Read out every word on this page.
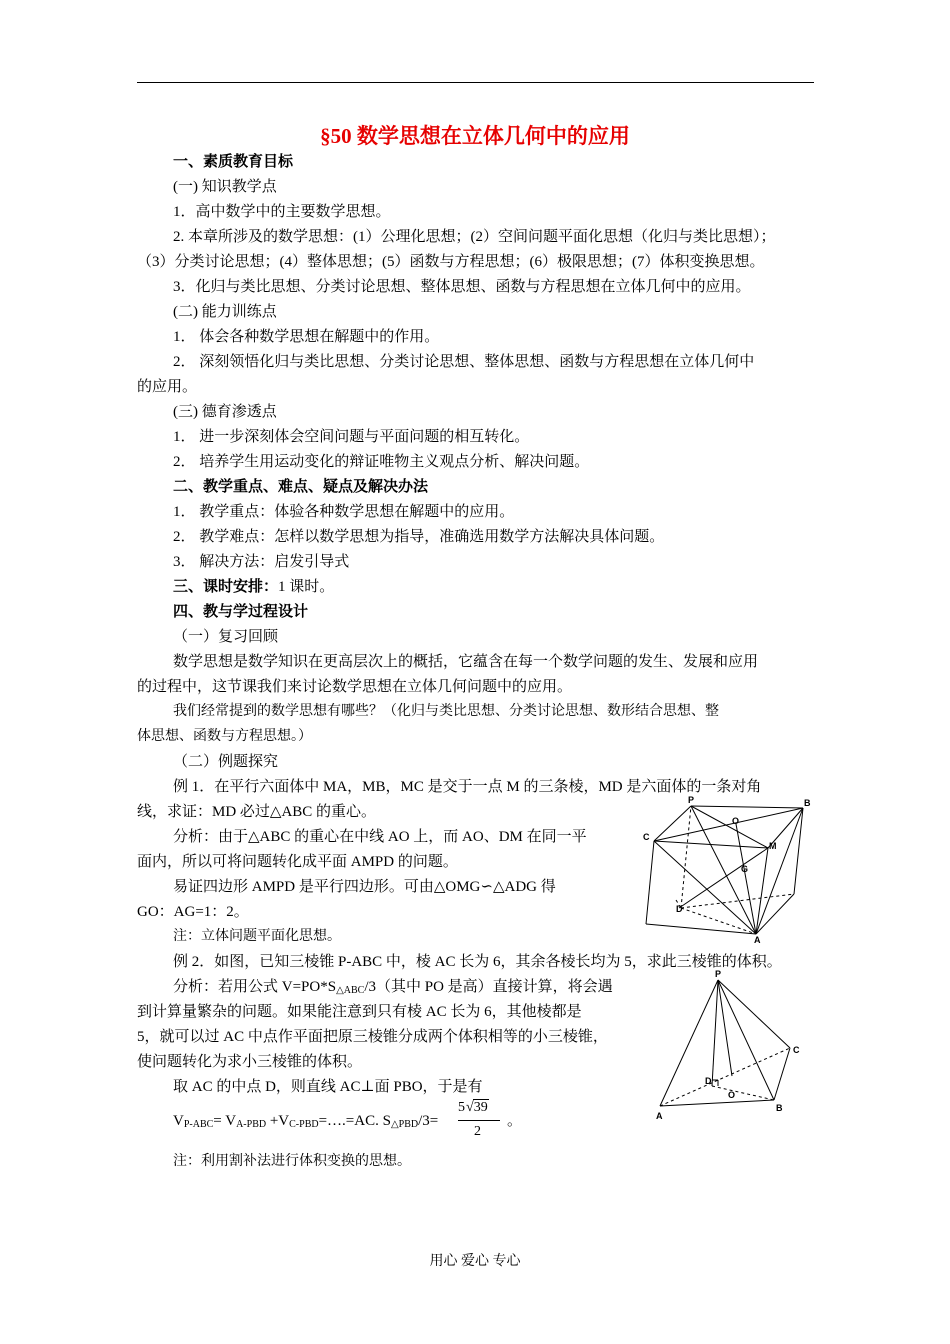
§50 数学思想在立体几何中的应用
一、素质教育目标
(一) 知识教学点
1．高中数学中的主要数学思想。
2. 本章所涉及的数学思想：(1）公理化思想；(2）空间问题平面化思想（化归与类比思想）；
（3）分类讨论思想；(4）整体思想；(5）函数与方程思想；(6）极限思想；(7）体积变换思想。
3．化归与类比思想、分类讨论思想、整体思想、函数与方程思想在立体几何中的应用。
(二) 能力训练点
1． 体会各种数学思想在解题中的作用。
2． 深刻领悟化归与类比思想、分类讨论思想、整体思想、函数与方程思想在立体几何中
的应用。
(三) 德育渗透点
1． 进一步深刻体会空间问题与平面问题的相互转化。
2． 培养学生用运动变化的辩证唯物主义观点分析、解决问题。
二、教学重点、难点、疑点及解决办法
1． 教学重点：体验各种数学思想在解题中的应用。
2． 教学难点：怎样以数学思想为指导，准确选用数学方法解决具体问题。
3． 解决方法：启发引导式
三、课时安排：1 课时。
四、教与学过程设计
（一）复习回顾
数学思想是数学知识在更高层次上的概括，它蕴含在每一个数学问题的发生、发展和应用
的过程中，这节课我们来讨论数学思想在立体几何问题中的应用。
我们经常提到的数学思想有哪些？（化归与类比思想、分类讨论思想、数形结合思想、整
体思想、函数与方程思想。）
（二）例题探究
例 1．在平行六面体中 MA，MB，MC 是交于一点 M 的三条棱，MD 是六面体的一条对角
线，求证：MD 必过△ABC 的重心。
分析：由于△ABC 的重心在中线 AO 上，而 AO、DM 在同一平
面内，所以可将问题转化成平面 AMPD 的问题。
易证四边形 AMPD 是平行四边形。可由△OMG∽△ADG 得
GO：AG=1：2。
注：立体问题平面化思想。
P	B
C
O
M
G
D
A
例 2．如图，已知三棱锥 P-ABC 中，棱 AC 长为 6，其余各棱长均为 5，求此三棱锥的体积。
分析：若用公式 $V=PO*S_{\triangle ABC}/3$（其中 PO 是高）直接计算，将会遇
到计算量繁杂的问题。如果能注意到只有棱 AC 长为 6，其他棱都是
5，就可以过 AC 中点作平面把原三棱锥分成两个体积相等的小三棱锥，
使问题转化为求小三棱锥的体积。
取 AC 的中点 D，则直线 AC⊥面 PBO，于是有
$V_{P-ABC}= V_{A-PBD}$ $+V_{C-PBD}=\dots.=AC$. $S_{\triangle PBD}/3=$
5√39
2
。
注：利用割补法进行体积变换的思想。
P
C
D
O
A
B
用心 爱心 专心
